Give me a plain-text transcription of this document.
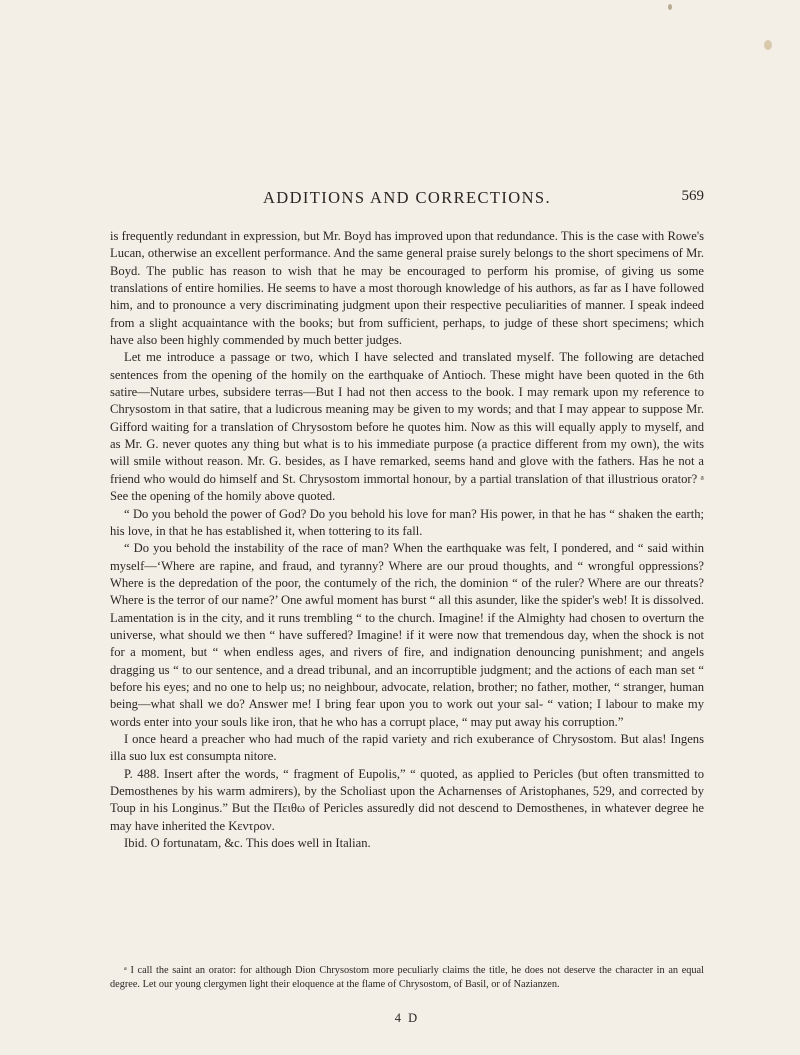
ADDITIONS AND CORRECTIONS.	569

is frequently redundant in expression, but Mr. Boyd has improved upon that redundance. This is the case with Rowe's Lucan, otherwise an excellent performance. And the same general praise surely belongs to the short specimens of Mr. Boyd. The public has reason to wish that he may be encouraged to perform his promise, of giving us some translations of entire homilies. He seems to have a most thorough knowledge of his authors, as far as I have followed him, and to pronounce a very discriminating judgment upon their respective peculiarities of manner. I speak indeed from a slight acquaintance with the books; but from sufficient, perhaps, to judge of these short specimens; which have also been highly commended by much better judges.

Let me introduce a passage or two, which I have selected and translated myself. The following are detached sentences from the opening of the homily on the earthquake of Antioch. These might have been quoted in the 6th satire—Nutare urbes, subsidere terras—But I had not then access to the book. I may remark upon my reference to Chrysostom in that satire, that a ludicrous meaning may be given to my words; and that I may appear to suppose Mr. Gifford waiting for a translation of Chrysostom before he quotes him. Now as this will equally apply to myself, and as Mr. G. never quotes any thing but what is to his immediate purpose (a practice different from my own), the wits will smile without reason. Mr. G. besides, as I have remarked, seems hand and glove with the fathers. Has he not a friend who would do himself and St. Chrysostom immortal honour, by a partial translation of that illustrious orator? ᵃ See the opening of the homily above quoted.

“ Do you behold the power of God? Do you behold his love for man? His power, in that he has “ shaken the earth; his love, in that he has established it, when tottering to its fall.

“ Do you behold the instability of the race of man? When the earthquake was felt, I pondered, and “ said within myself—‘Where are rapine, and fraud, and tyranny? Where are our proud thoughts, and “ wrongful oppressions? Where is the depredation of the poor, the contumely of the rich, the dominion “ of the ruler? Where are our threats? Where is the terror of our name?’ One awful moment has burst “ all this asunder, like the spider's web! It is dissolved. Lamentation is in the city, and it runs trembling “ to the church. Imagine! if the Almighty had chosen to overturn the universe, what should we then “ have suffered? Imagine! if it were now that tremendous day, when the shock is not for a moment, but “ when endless ages, and rivers of fire, and indignation denouncing punishment; and angels dragging us “ to our sentence, and a dread tribunal, and an incorruptible judgment; and the actions of each man set “ before his eyes; and no one to help us; no neighbour, advocate, relation, brother; no father, mother, “ stranger, human being—what shall we do? Answer me! I bring fear upon you to work out your sal- “ vation; I labour to make my words enter into your souls like iron, that he who has a corrupt place, “ may put away his corruption.”

I once heard a preacher who had much of the rapid variety and rich exuberance of Chrysostom. But alas! Ingens illa suo lux est consumpta nitore.

P. 488. Insert after the words, “ fragment of Eupolis,” “ quoted, as applied to Pericles (but often transmitted to Demosthenes by his warm admirers), by the Scholiast upon the Acharnenses of Aristophanes, 529, and corrected by Toup in his Longinus.” But the Πειθω of Pericles assuredly did not descend to Demosthenes, in whatever degree he may have inherited the Κεντρον.

Ibid. O fortunatam, &c. This does well in Italian.

ᵃ I call the saint an orator: for although Dion Chrysostom more peculiarly claims the title, he does not deserve the character in an equal degree. Let our young clergymen light their eloquence at the flame of Chrysostom, of Basil, or of Nazianzen.

4 D
